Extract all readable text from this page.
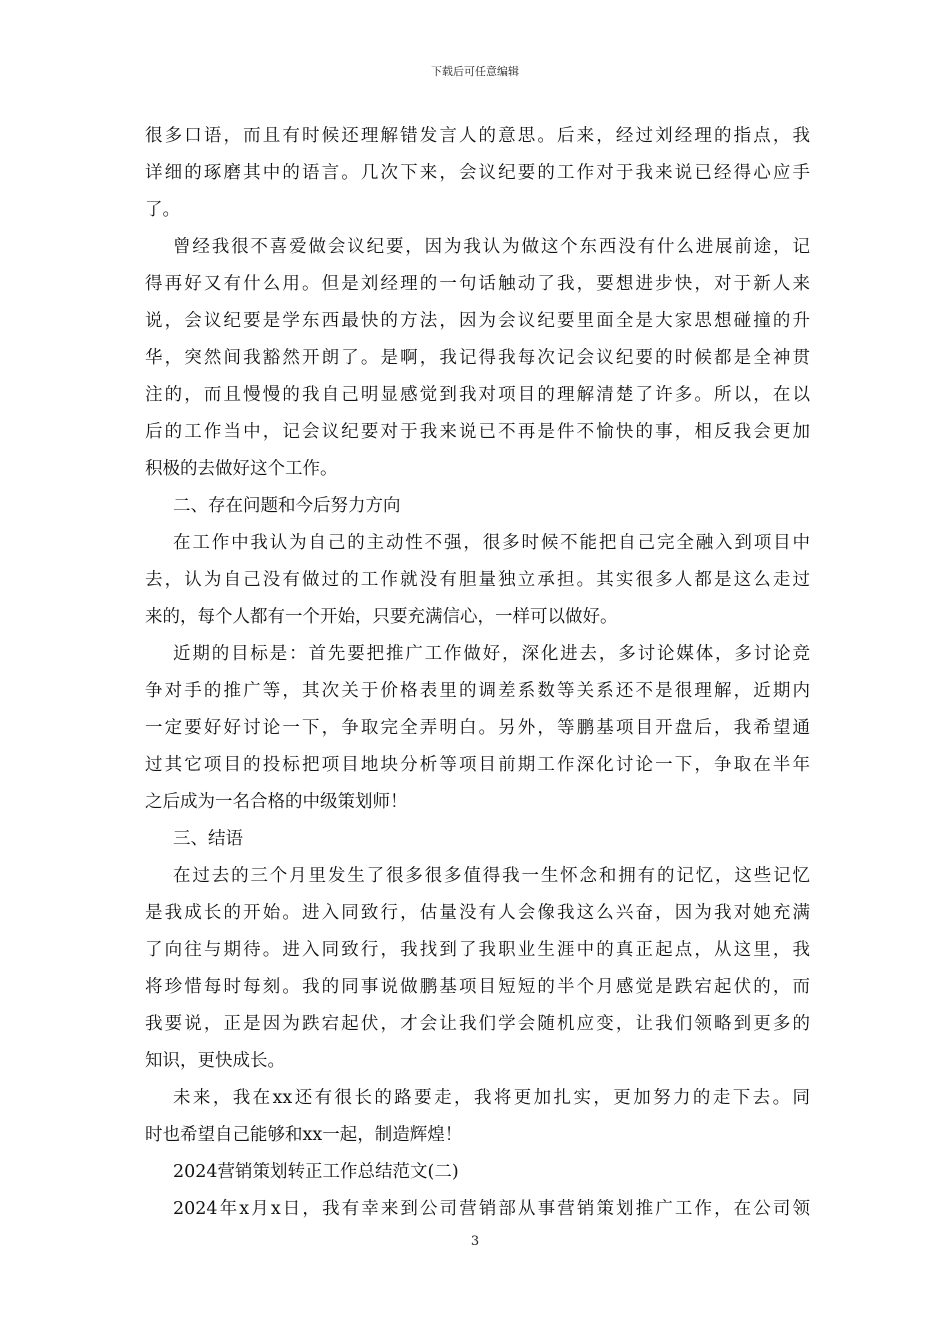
下载后可任意编辑
很多口语，而且有时候还理解错发言人的意思。后来，经过刘经理的指点，我
详细的琢磨其中的语言。几次下来，会议纪要的工作对于我来说已经得心应手
了。
曾经我很不喜爱做会议纪要，因为我认为做这个东西没有什么进展前途，记
得再好又有什么用。但是刘经理的一句话触动了我，要想进步快，对于新人来
说，会议纪要是学东西最快的方法，因为会议纪要里面全是大家思想碰撞的升
华，突然间我豁然开朗了。是啊，我记得我每次记会议纪要的时候都是全神贯
注的，而且慢慢的我自己明显感觉到我对项目的理解清楚了许多。所以，在以
后的工作当中，记会议纪要对于我来说已不再是件不愉快的事，相反我会更加
积极的去做好这个工作。
二、存在问题和今后努力方向
在工作中我认为自己的主动性不强，很多时候不能把自己完全融入到项目中
去，认为自己没有做过的工作就没有胆量独立承担。其实很多人都是这么走过
来的，每个人都有一个开始，只要充满信心，一样可以做好。
近期的目标是：首先要把推广工作做好，深化进去，多讨论媒体，多讨论竞
争对手的推广等，其次关于价格表里的调差系数等关系还不是很理解，近期内
一定要好好讨论一下，争取完全弄明白。另外，等鹏基项目开盘后，我希望通
过其它项目的投标把项目地块分析等项目前期工作深化讨论一下，争取在半年
之后成为一名合格的中级策划师！
三、结语
在过去的三个月里发生了很多很多值得我一生怀念和拥有的记忆，这些记忆
是我成长的开始。进入同致行，估量没有人会像我这么兴奋，因为我对她充满
了向往与期待。进入同致行，我找到了我职业生涯中的真正起点，从这里，我
将珍惜每时每刻。我的同事说做鹏基项目短短的半个月感觉是跌宕起伏的，而
我要说，正是因为跌宕起伏，才会让我们学会随机应变，让我们领略到更多的
知识，更快成长。
未来，我在xx还有很长的路要走，我将更加扎实，更加努力的走下去。同
时也希望自己能够和xx一起，制造辉煌！
2024营销策划转正工作总结范文(二)
2024年x月x日，我有幸来到公司营销部从事营销策划推广工作，在公司领
3
